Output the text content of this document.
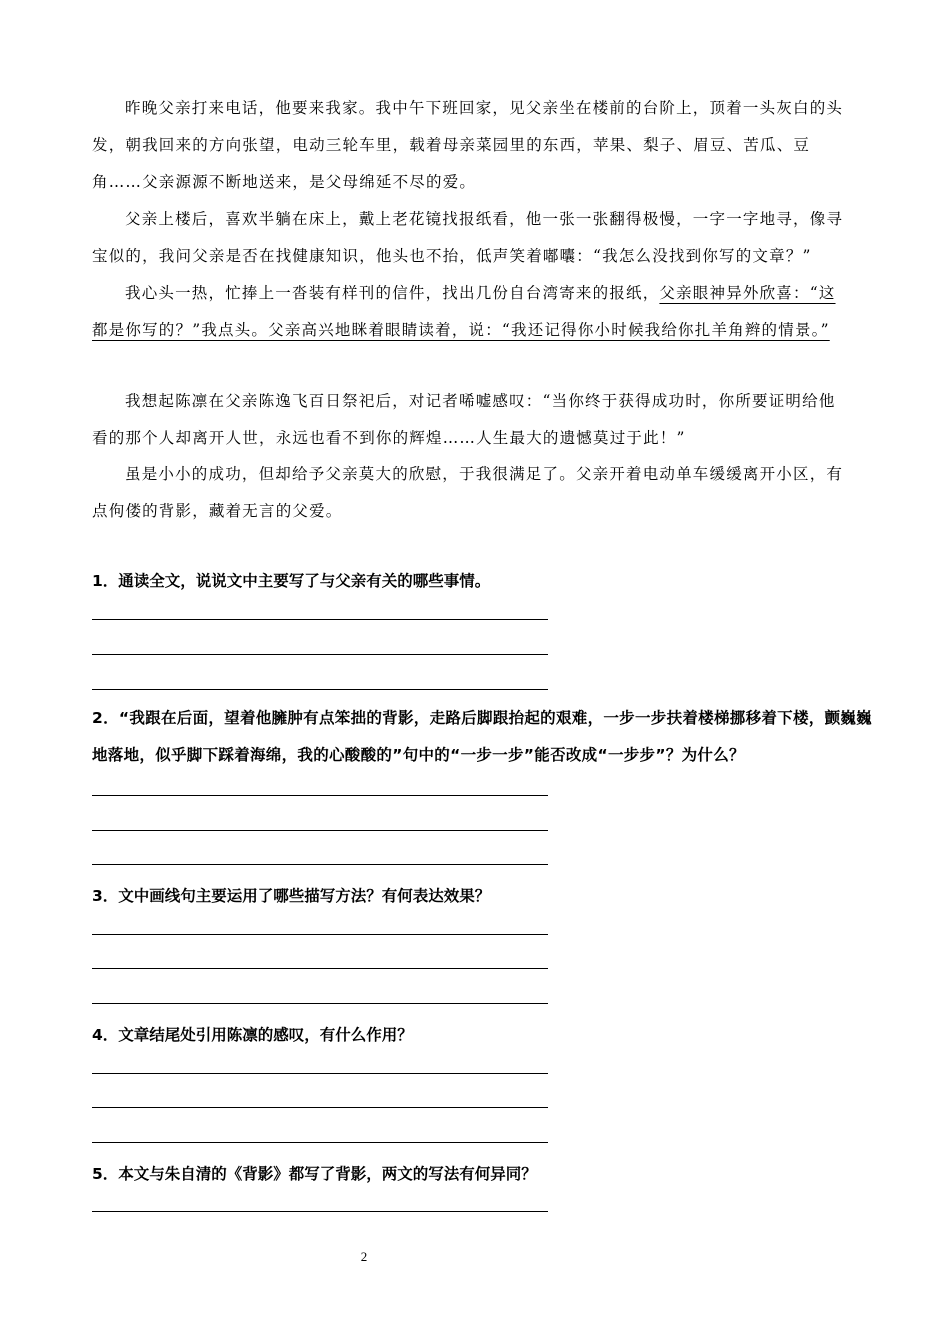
昨晚父亲打来电话，他要来我家。我中午下班回家，见父亲坐在楼前的台阶上，顶着一头灰白的头发，朝我回来的方向张望，电动三轮车里，载着母亲菜园里的东西，苹果、梨子、眉豆、苦瓜、豆角……父亲源源不断地送来，是父母绵延不尽的爱。

父亲上楼后，喜欢半躺在床上，戴上老花镜找报纸看，他一张一张翻得极慢，一字一字地寻，像寻宝似的，我问父亲是否在找健康知识，他头也不抬，低声笑着嘟囔：“我怎么没找到你写的文章？”

我心头一热，忙捧上一沓装有样刊的信件，找出几份自台湾寄来的报纸，父亲眼神异外欣喜：“这都是你写的？”我点头。父亲高兴地眯着眼睛读着，说：“我还记得你小时候我给你扎羊角辫的情景。”

我想起陈凛在父亲陈逸飞百日祭祀后，对记者唏嘘感叹：“当你终于获得成功时，你所要证明给他看的那个人却离开人世，永远也看不到你的辉煌……人生最大的遗憾莫过于此！”

虽是小小的成功，但却给予父亲莫大的欣慰，于我很满足了。父亲开着电动单车缓缓离开小区，有点佝偻的背影，藏着无言的父爱。

1．通读全文，说说文中主要写了与父亲有关的哪些事情。

2．“我跟在后面，望着他臃肿有点笨拙的背影，走路后脚跟抬起的艰难，一步一步扶着楼梯挪移着下楼，颤巍巍地落地，似乎脚下踩着海绵，我的心酸酸的”句中的“一步一步”能否改成“一步步”？为什么？

3．文中画线句主要运用了哪些描写方法？有何表达效果？

4．文章结尾处引用陈凛的感叹，有什么作用？

5．本文与朱自清的《背影》都写了背影，两文的写法有何异同？

2
